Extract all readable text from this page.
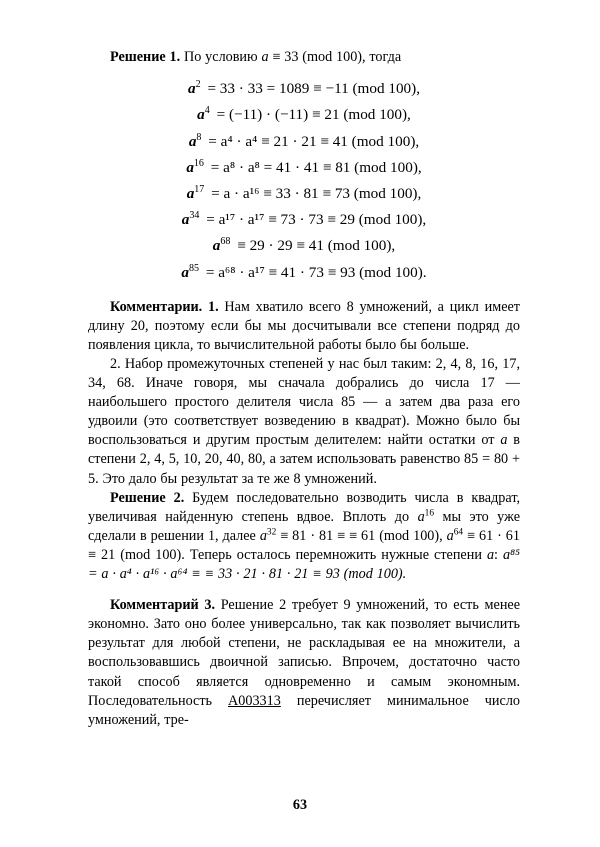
Решение 1. По условию a ≡ 33 (mod 100), тогда

$a^2 = 33 \cdot 33 = 1089 \equiv -11$ (mod 100),
$a^4 = (-11) \cdot (-11) \equiv 21$ (mod 100),
$a^8 = a^4 \cdot a^4 \equiv 21 \cdot 21 \equiv 41$ (mod 100),
$a^{16} = a^8 \cdot a^8 = 41 \cdot 41 \equiv 81$ (mod 100),
$a^{17} = a \cdot a^{16} \equiv 33 \cdot 81 \equiv 73$ (mod 100),
$a^{34} = a^{17} \cdot a^{17} \equiv 73 \cdot 73 \equiv 29$ (mod 100),
$a^{68} \equiv 29 \cdot 29 \equiv 41$ (mod 100),
$a^{85} = a^{68} \cdot a^{17} \equiv 41 \cdot 73 \equiv 93$ (mod 100).

Комментарии. 1. Нам хватило всего 8 умножений, а цикл имеет длину 20, поэтому если бы мы досчитывали все степени подряд до появления цикла, то вычислительной работы было бы больше.

2. Набор промежуточных степеней у нас был таким: 2, 4, 8, 16, 17, 34, 68. Иначе говоря, мы сначала добрались до числа 17 — наибольшего простого делителя числа 85 — а затем два раза его удвоили (это соответствует возведению в квадрат). Можно было бы воспользоваться и другим простым делителем: найти остатки от a в степени 2, 4, 5, 10, 20, 40, 80, а затем использовать равенство 85 = 80 + 5. Это дало бы результат за те же 8 умножений.

Решение 2. Будем последовательно возводить числа в квадрат, увеличивая найденную степень вдвое. Вплоть до $a^{16}$ мы это уже сделали в решении 1, далее $a^{32} \equiv 81 \cdot 81$ ≡ ≡ 61 (mod 100), $a^{64} \equiv 61 \cdot 61 \equiv 21$ (mod 100). Теперь осталось перемножить нужные степени a: a⁸⁵ = a · a⁴ · a¹⁶ · a⁶⁴ ≡ ≡ 33 · 21 · 81 · 21 ≡ 93 (mod 100).

Комментарий 3. Решение 2 требует 9 умножений, то есть менее экономно. Зато оно более универсально, так как позволяет вычислить результат для любой степени, не раскладывая ее на множители, а воспользовавшись двоичной записью. Впрочем, достаточно часто такой способ является одновременно и самым экономным. Последовательность A003313 перечисляет минимальное число умножений, тре-

63
